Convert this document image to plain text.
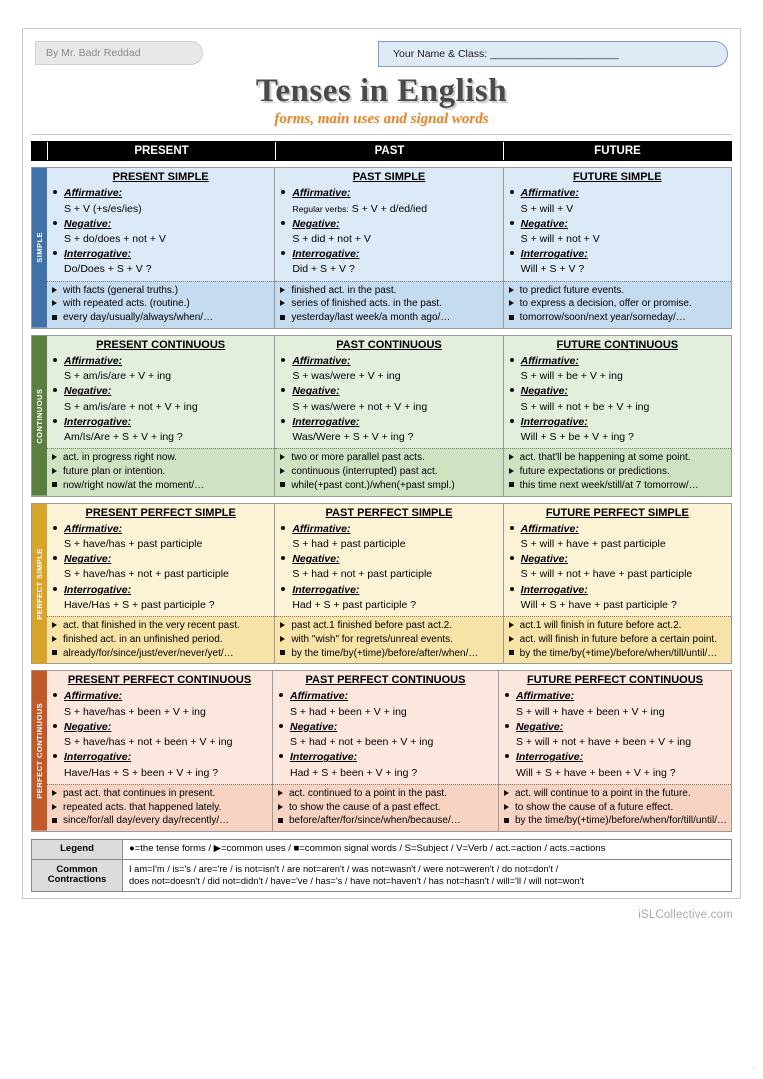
By Mr. Badr Reddad	Your Name & Class: ______________________
Tenses in English
forms, main uses and signal words
PRESENT	PAST	FUTURE
SIMPLE
PRESENT SIMPLE
Affirmative:
S + V (+s/es/ies)
Negative:
S + do/does + not + V
Interrogative:
Do/Does + S + V ?
with facts (general truths.)
with repeated acts. (routine.)
every day/usually/always/when/…
PAST SIMPLE
Affirmative:
Regular verbs: S + V + d/ed/ied
Negative:
S + did + not + V
Interrogative:
Did + S + V ?
finished act. in the past.
series of finished acts. in the past.
yesterday/last week/a month ago/…
FUTURE SIMPLE
Affirmative:
S + will + V
Negative:
S + will + not + V
Interrogative:
Will + S + V ?
to predict future events.
to express a decision, offer or promise.
tomorrow/soon/next year/someday/…
CONTINUOUS
PRESENT CONTINUOUS
Affirmative:
S + am/is/are + V + ing
Negative:
S + am/is/are + not + V + ing
Interrogative:
Am/Is/Are + S + V + ing ?
act. in progress right now.
future plan or intention.
now/right now/at the moment/…
PAST CONTINUOUS
Affirmative:
S + was/were + V + ing
Negative:
S + was/were + not + V + ing
Interrogative:
Was/Were + S + V + ing ?
two or more parallel past acts.
continuous (interrupted) past act.
while(+past cont.)/when(+past smpl.)
FUTURE CONTINUOUS
Affirmative:
S + will + be + V + ing
Negative:
S + will + not + be + V + ing
Interrogative:
Will + S + be + V + ing ?
act. that'll be happening at some point.
future expectations or predictions.
this time next week/still/at 7 tomorrow/…
PERFECT SIMPLE
PRESENT PERFECT SIMPLE
Affirmative:
S + have/has + past participle
Negative:
S + have/has + not + past participle
Interrogative:
Have/Has + S + past participle ?
act. that finished in the very recent past.
finished act. in an unfinished period.
already/for/since/just/ever/never/yet/…
PAST PERFECT SIMPLE
Affirmative:
S + had + past participle
Negative:
S + had + not + past participle
Interrogative:
Had + S + past participle ?
past act.1 finished before past act.2.
with "wish" for regrets/unreal events.
by the time/by(+time)/before/after/when/…
FUTURE PERFECT SIMPLE
Affirmative:
S + will + have + past participle
Negative:
S + will + not + have + past participle
Interrogative:
Will + S + have + past participle ?
act.1 will finish in future before act.2.
act. will finish in future before a certain point.
by the time/by(+time)/before/when/till/until/…
PERFECT CONTINUOUS
PRESENT PERFECT CONTINUOUS
Affirmative:
S + have/has + been + V + ing
Negative:
S + have/has + not + been + V + ing
Interrogative:
Have/Has + S + been + V + ing ?
past act. that continues in present.
repeated acts. that happened lately.
since/for/all day/every day/recently/…
PAST PERFECT CONTINUOUS
Affirmative:
S + had + been + V + ing
Negative:
S + had + not + been + V + ing
Interrogative:
Had + S + been + V + ing ?
act. continued to a point in the past.
to show the cause of a past effect.
before/after/for/since/when/because/…
FUTURE PERFECT CONTINUOUS
Affirmative:
S + will + have + been + V + ing
Negative:
S + will + not + have + been + V + ing
Interrogative:
Will + S + have + been + V + ing ?
act. will continue to a point in the future.
to show the cause of a future effect.
by the time/by(+time)/before/when/for/till/until/…
Legend	●=the tense forms / ▶=common uses / ■=common signal words / S=Subject / V=Verb / act.=action / acts.=actions
Common
Contractions
I am=I'm / is='s / are='re / is not=isn't / are not=aren't / was not=wasn't / were not=weren't / do not=don't /
does not=doesn't / did not=didn't / have='ve / has='s / have not=haven't / has not=hasn't / will='ll / will not=won't
iSLCollective.com
·
